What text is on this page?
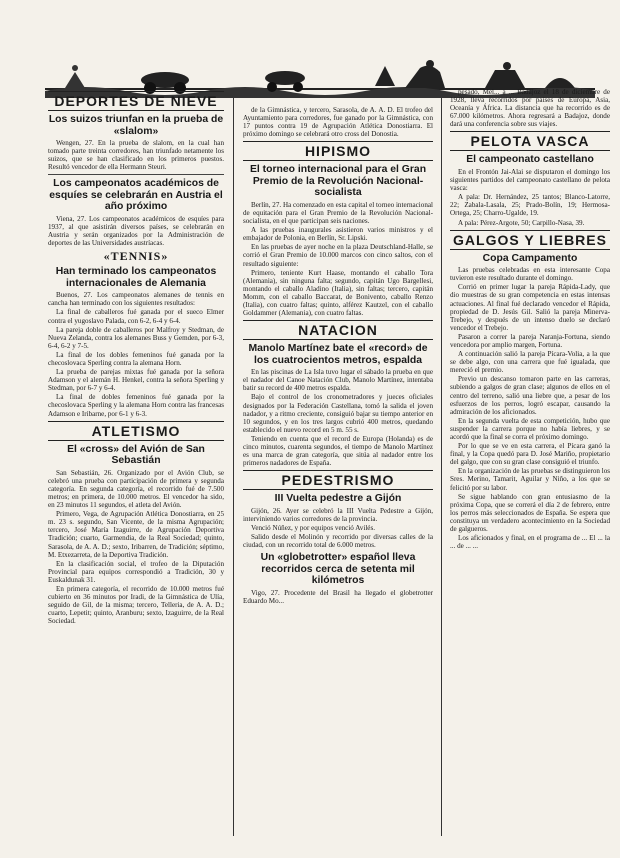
DEPORTES DE NIEVE
Los suizos triunfan en la prueba de «slalom»

Wengen, 27. En la prueba de slalom, en la cual han tomado parte treinta corredores, han triunfado netamente los suizos, que se han clasificado en los primeros puestos. Resultó vencedor de ella Hermann Steuri.

Los campeonatos académicos de esquíes se celebrarán en Austria el año próximo

Viena, 27. Los campeonatos académicos de esquíes para 1937, al que asistirán diversos países, se celebrarán en Austria y serán organizados por la Administración de deportes de las Universidades austríacas.

«TENNIS»
Han terminado los campeonatos internacionales de Alemania

Buenos, 27. Los campeonatos alemanes de tennis en cancha han terminado con los siguientes resultados:

La final de caballeros fué ganada por el sueco Elmer contra el yugoslavo Palada, con 6-2, 6-4 y 6-4.

La pareja doble de caballeros por Malfroy y Stedman, de Nueva Zelanda, contra los alemanes Buss y Gemden, por 6-3, 6-4, 6-2 y 7-5.

La final de los dobles femeninos fué ganada por la checoslovaca Sperling contra la alemana Horn.

La prueba de parejas mixtas fué ganada por la señora Adamson y el alemán H. Henkel, contra la señora Sperling y Stedman, por 6-7 y 6-4.

La final de dobles femeninos fué ganada por la checoslovaca Sperling y la alemana Horn contra las francesas Adamson e Iribarne, por 6-1 y 6-3.

ATLETISMO
El «cross» del Avión de San Sebastián

San Sebastián, 26. Organizado por el Avión Club, se celebró una prueba con participación de primera y segunda categoría. En segunda categoría, el recorrido fué de 7.500 metros; en primera, de 10.000 metros. El vencedor ha sido, en 23 minutos 11 segundos, el atleta del Avión.

Primero, Vega, de Agrupación Atlética Donostiarra, en 25 m. 23 s. segundo, San Vicente, de la misma Agrupación; tercero, José María Izaguirre, de Agrupación Deportiva Tradición; cuarto, Garmendia, de la Real Sociedad; quinto, Sarasola, de A. A. D.; sexto, Iribarren, de Tradición; séptimo, M. Etxezarreta, de la Deportiva Tradición.

En la clasificación social, el trofeo de la Diputación Provincial para equipos correspondió a Tradición, 30 y Euskaldunak 31.

En primera categoría, el recorrido de 10.000 metros fué cubierto en 36 minutos por Iradi, de la Gimnástica de Ulía, seguido de Gil, de la misma; tercero, Telleria, de A. A. D.; cuarto, Lepetit; quinto, Aranburu; sexto, Izaguirre, de la Real Sociedad.

de la Gimnástica, y tercero, Sarasola, de A. A. D. El trofeo del Ayuntamiento para corredores, fue ganado por la Gimnástica, con 17 puntos contra 19 de Agrupación Atlética Donostiarra. El próximo domingo se celebrará otro cross del Donostia.

HIPISMO
El torneo internacional para el Gran Premio de la Revolución Nacional-socialista

Berlín, 27. Ha comenzado en esta capital el torneo internacional de equitación para el Gran Premio de la Revolución Nacional-socialista, en el que participan seis naciones.

A las pruebas inaugurales asistieron varios ministros y el embajador de Polonia, en Berlín, Sr. Lipski.

En las pruebas de ayer noche en la plaza Deutschland-Halle, se corrió el Gran Premio de 10.000 marcos con cinco saltos, con el resultado siguiente:

Primero, teniente Kurt Haase, montando el caballo Tora (Alemania), sin ninguna falta; segundo, capitán Ugo Bargellesi, montando el caballo Aladino (Italia), sin faltas; tercero, capitán Momm, con el caballo Baccarat, de Bonivento, caballo Renzo (Italia), con cuatro faltas; quinto, alférez Kautzel, con el caballo Goldammer (Alemania), con cuatro faltas.

NATACION
Manolo Martínez bate el «record» de los cuatrocientos metros, espalda

En las piscinas de La Isla tuvo lugar el sábado la prueba en que el nadador del Canoe Natación Club, Manolo Martínez, intentaba batir su record de 400 metros espalda.

Bajo el control de los cronometradores y jueces oficiales designados por la Federación Castellana, tomó la salida el joven nadador, y a ritmo creciente, consiguió bajar su tiempo anterior en 10 segundos, y en los tres largos cubrió 400 metros, quedando establecido el nuevo record en 5 m. 55 s.

Teniendo en cuenta que el record de Europa (Holanda) es de cinco minutos, cuarenta segundos, el tiempo de Manolo Martínez es una marca de gran categoría, que sitúa al nadador entre los primeros nadadores de España.

PEDESTRISMO
III Vuelta pedestre a Gijón

Gijón, 26. Ayer se celebró la III Vuelta Pedestre a Gijón, interviniendo varios corredores de la provincia.

Venció Núñez, y por equipos venció Avilés.

Salido desde el Molinón y recorrido por diversas calles de la ciudad, con un recorrido total de 6.000 metros.

Un «globetrotter» español lleva recorridos cerca de setenta mil kilómetros

Vigo, 27. Procedente del Brasil ha llegado el globetrotter Eduardo Mo...

pesado, Mel... a ... Badajoz el 18 de diciembre de 1928, lleva recorridos por países de Europa, Asia, Oceanía y África. La distancia que ha recorrido es de 67.000 kilómetros. Ahora regresará a Badajoz, donde dará una conferencia sobre sus viajes.

PELOTA VASCA
El campeonato castellano

En el Frontón Jai-Alai se disputaron el domingo los siguientes partidos del campeonato castellano de pelota vasca:

A pala: Dr. Hernández, 25 tantos; Blanco-Latorre, 22; Zabala-Lasala, 25; Prado-Bolín, 19; Hermosa-Ortega, 25; Charro-Ugalde, 19.

A pala: Pérez-Argote, 50; Carpillo-Nasa, 39.

GALGOS Y LIEBRES
Copa Campamento

Las pruebas celebradas en esta interesante Copa tuvieron este resultado durante el domingo.

Corrió en primer lugar la pareja Rápida-Lady, que dio muestras de su gran competencia en estas intensas actuaciones. Al final fué declarado vencedor el Rápida, propiedad de D. Jesús Gil. Salió la pareja Minerva-Trebejo, y después de un intenso duelo se declaró vencedor el Trebejo.

Pasaron a correr la pareja Naranja-Fortuna, siendo vencedora por amplio margen, Fortuna.

A continuación salió la pareja Pícara-Volia, a la que se debe algo, con una carrera que fué igualada, que mereció el premio.

Previo un descanso tomaron parte en las carreras, subiendo a galgos de gran clase; algunos de ellos en el centro del terreno, salió una liebre que, a pesar de los esfuerzos de los perros, logró escapar, causando la admiración de los aficionados.

En la segunda vuelta de esta competición, hubo que suspender la carrera porque no había liebres, y se acordó que la final se corra el próximo domingo.

Por lo que se ve en esta carrera, el Pícara ganó la final, y la Copa quedó para D. José Mariño, propietario del galgo, que con su gran clase consiguió el triunfo.

En la organización de las pruebas se distinguieron los Sres. Merino, Tamarit, Aguilar y Niño, a los que se felicitó por su labor.

Se sigue hablando con gran entusiasmo de la próxima Copa, que se correrá el día 2 de febrero, entre los perros más seleccionados de España. Se espera que constituya un verdadero acontecimiento en la Sociedad de galgueros.

Los aficionados y final, en el programa de ... El ... la ... de ... ...
